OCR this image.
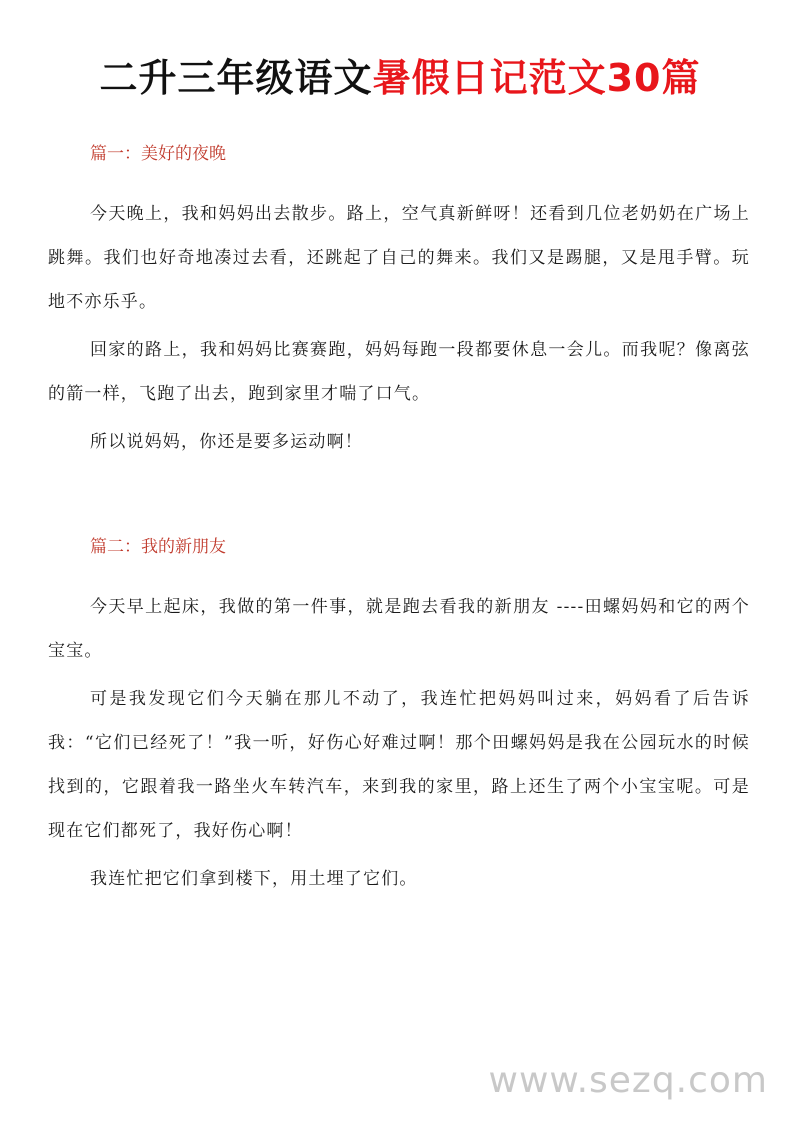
二升三年级语文暑假日记范文30篇
篇一：美好的夜晚

今天晚上，我和妈妈出去散步。路上，空气真新鲜呀！还看到几位老奶奶在广场上跳舞。我们也好奇地凑过去看，还跳起了自己的舞来。我们又是踢腿，又是甩手臂。玩地不亦乐乎。

回家的路上，我和妈妈比赛赛跑，妈妈每跑一段都要休息一会儿。而我呢？像离弦的箭一样，飞跑了出去，跑到家里才喘了口气。

所以说妈妈，你还是要多运动啊！

篇二：我的新朋友

今天早上起床，我做的第一件事，就是跑去看我的新朋友 ----田螺妈妈和它的两个宝宝。

可是我发现它们今天躺在那儿不动了，我连忙把妈妈叫过来，妈妈看了后告诉我：“它们已经死了！”我一听，好伤心好难过啊！那个田螺妈妈是我在公园玩水的时候找到的，它跟着我一路坐火车转汽车，来到我的家里，路上还生了两个小宝宝呢。可是现在它们都死了，我好伤心啊！

我连忙把它们拿到楼下，用土埋了它们。

www.sezq.com
